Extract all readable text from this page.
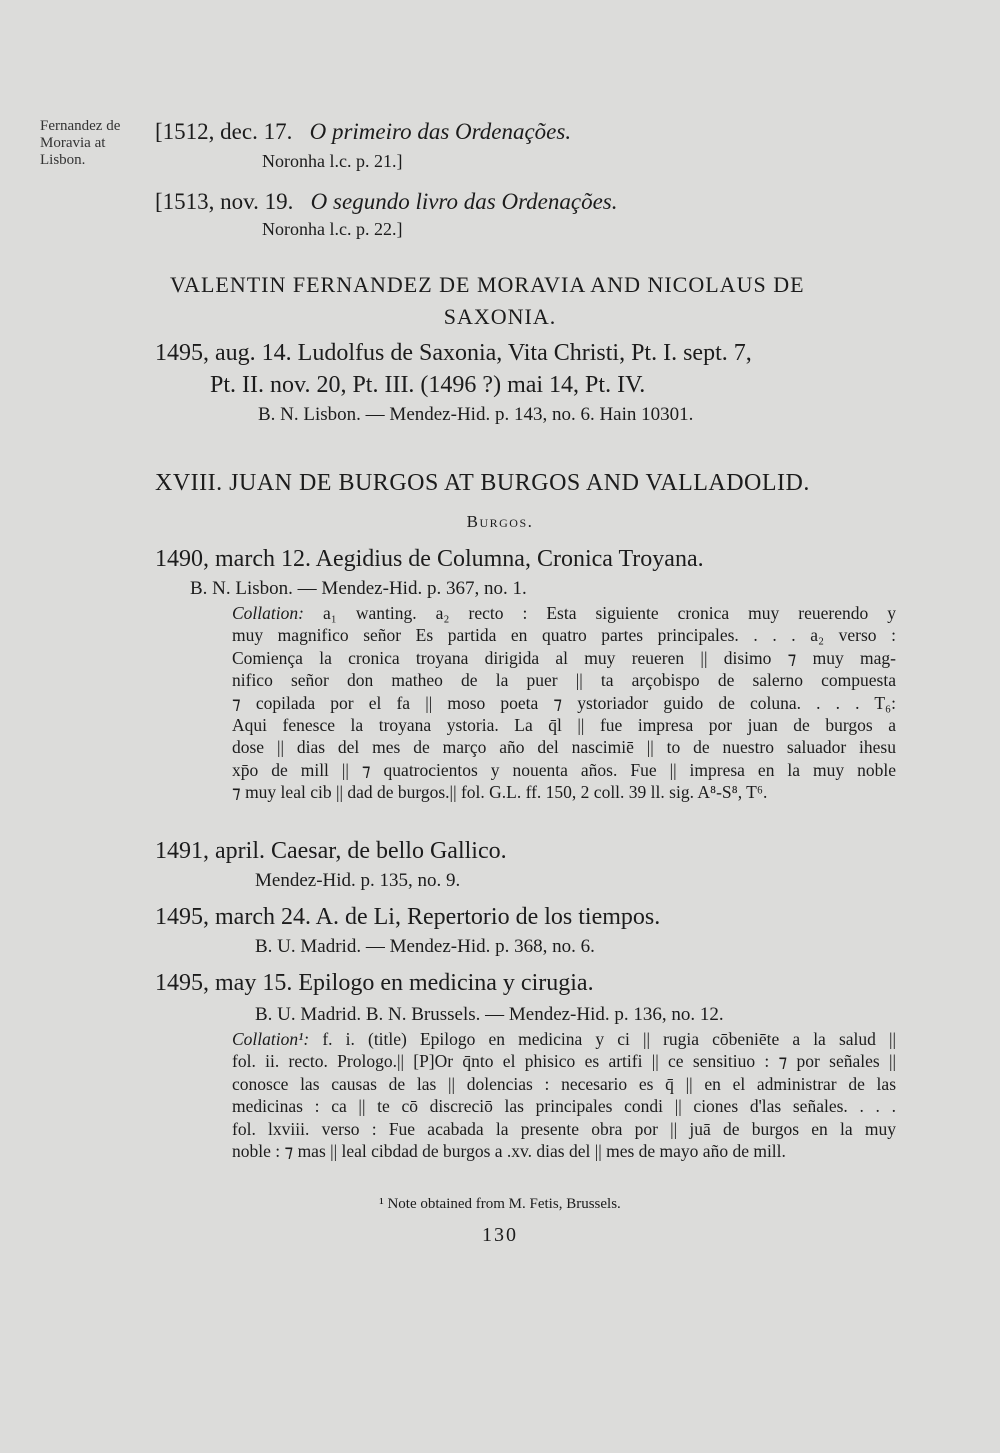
Fernandez de Moravia at Lisbon.
[1512, dec. 17. O primeiro das Ordenações.
Noronha l.c. p. 21.]
[1513, nov. 19. O segundo livro das Ordenações.
Noronha l.c. p. 22.]
VALENTIN FERNANDEZ DE MORAVIA AND NICOLAUS DE
SAXONIA.
1495, aug. 14. Ludolfus de Saxonia, Vita Christi, Pt. I. sept. 7,
Pt. II. nov. 20, Pt. III. (1496 ?) mai 14, Pt. IV.
B. N. Lisbon. — Mendez-Hid. p. 143, no. 6. Hain 10301.
XVIII. JUAN DE BURGOS AT BURGOS AND VALLADOLID.
Burgos.
1490, march 12. Aegidius de Columna, Cronica Troyana.
B. N. Lisbon. — Mendez-Hid. p. 367, no. 1.

Collation: a₁ wanting. a₂ recto : Esta siguiente cronica muy reuerendo y

muy magnifico señor Es partida en quatro partes principales. . . . a₂ verso :

Comiença la cronica troyana dirigida al muy reueren || disimo ⁊ muy mag-

nifico señor don matheo de la puer || ta arçobispo de salerno compuesta

⁊ copilada por el fa || moso poeta ⁊ ystoriador guido de coluna. . . . T₆:

Aqui fenesce la troyana ystoria. La q̄l || fue impresa por juan de burgos a

dose || dias del mes de março año del nascimiē || to de nuestro saluador ihesu

xp̄o de mill || ⁊ quatrocientos y nouenta años. Fue || impresa en la muy noble

⁊ muy leal cib || dad de burgos.|| fol. G.L. ff. 150, 2 coll. 39 ll. sig. A⁸-S⁸, T⁶.

1491, april. Caesar, de bello Gallico.
Mendez-Hid. p. 135, no. 9.
1495, march 24. A. de Li, Repertorio de los tiempos.
B. U. Madrid. — Mendez-Hid. p. 368, no. 6.
1495, may 15. Epilogo en medicina y cirugia.
B. U. Madrid. B. N. Brussels. — Mendez-Hid. p. 136, no. 12.

Collation¹: f. i. (title) Epilogo en medicina y ci || rugia cōbeniēte a la salud ||

fol. ii. recto. Prologo.|| [P]Or q̄nto el phisico es artifi || ce sensitiuo : ⁊ por señales ||

conosce las causas de las || dolencias : necesario es q̄ || en el administrar de las

medicinas : ca || te cō discreciō las principales condi || ciones d'las señales. . . .

fol. lxviii. verso : Fue acabada la presente obra por || juā de burgos en la muy

noble : ⁊ mas || leal cibdad de burgos a .xv. dias del || mes de mayo año de mill.

¹ Note obtained from M. Fetis, Brussels.
130
